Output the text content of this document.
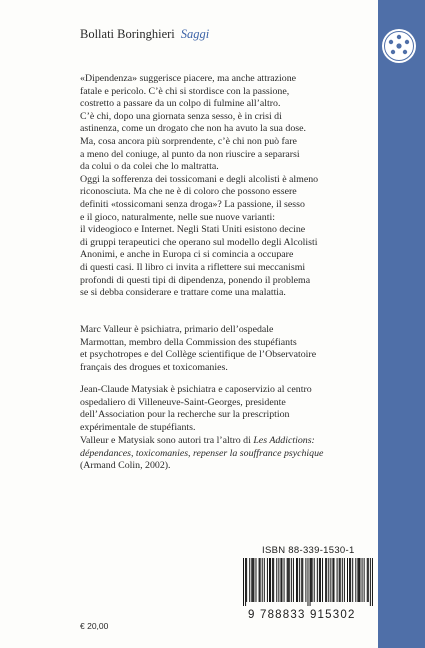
Bollati Boringhieri Saggi

«Dipendenza» suggerisce piacere, ma anche attrazione
fatale e pericolo. C’è chi si stordisce con la passione,
costretto a passare da un colpo di fulmine all’altro.
C’è chi, dopo una giornata senza sesso, è in crisi di
astinenza, come un drogato che non ha avuto la sua dose.
Ma, cosa ancora più sorprendente, c’è chi non può fare
a meno del coniuge, al punto da non riuscire a separarsi
da colui o da colei che lo maltratta.
Oggi la sofferenza dei tossicomani e degli alcolisti è almeno
riconosciuta. Ma che ne è di coloro che possono essere
definiti «tossicomani senza droga»? La passione, il sesso
e il gioco, naturalmente, nelle sue nuove varianti:
il videogioco e Internet. Negli Stati Uniti esistono decine
di gruppi terapeutici che operano sul modello degli Alcolisti
Anonimi, e anche in Europa ci si comincia a occupare
di questi casi. Il libro ci invita a riflettere sui meccanismi
profondi di questi tipi di dipendenza, ponendo il problema
se si debba considerare e trattare come una malattia.

Marc Valleur è psichiatra, primario dell’ospedale
Marmottan, membro della Commission des stupéfiants
et psychotropes e del Collège scientifique de l’Observatoire
français des drogues et toxicomanies.

Jean-Claude Matysiak è psichiatra e caposervizio al centro
ospedaliero di Villeneuve-Saint-Georges, presidente
dell’Association pour la recherche sur la prescription
expérimentale de stupéfiants.

Valleur e Matysiak sono autori tra l’altro di Les Addictions:
dépendances, toxicomanies, repenser la souffrance psychique
(Armand Colin, 2002).

ISBN 88-339-1530-1
9 788833 915302
€ 20,00
